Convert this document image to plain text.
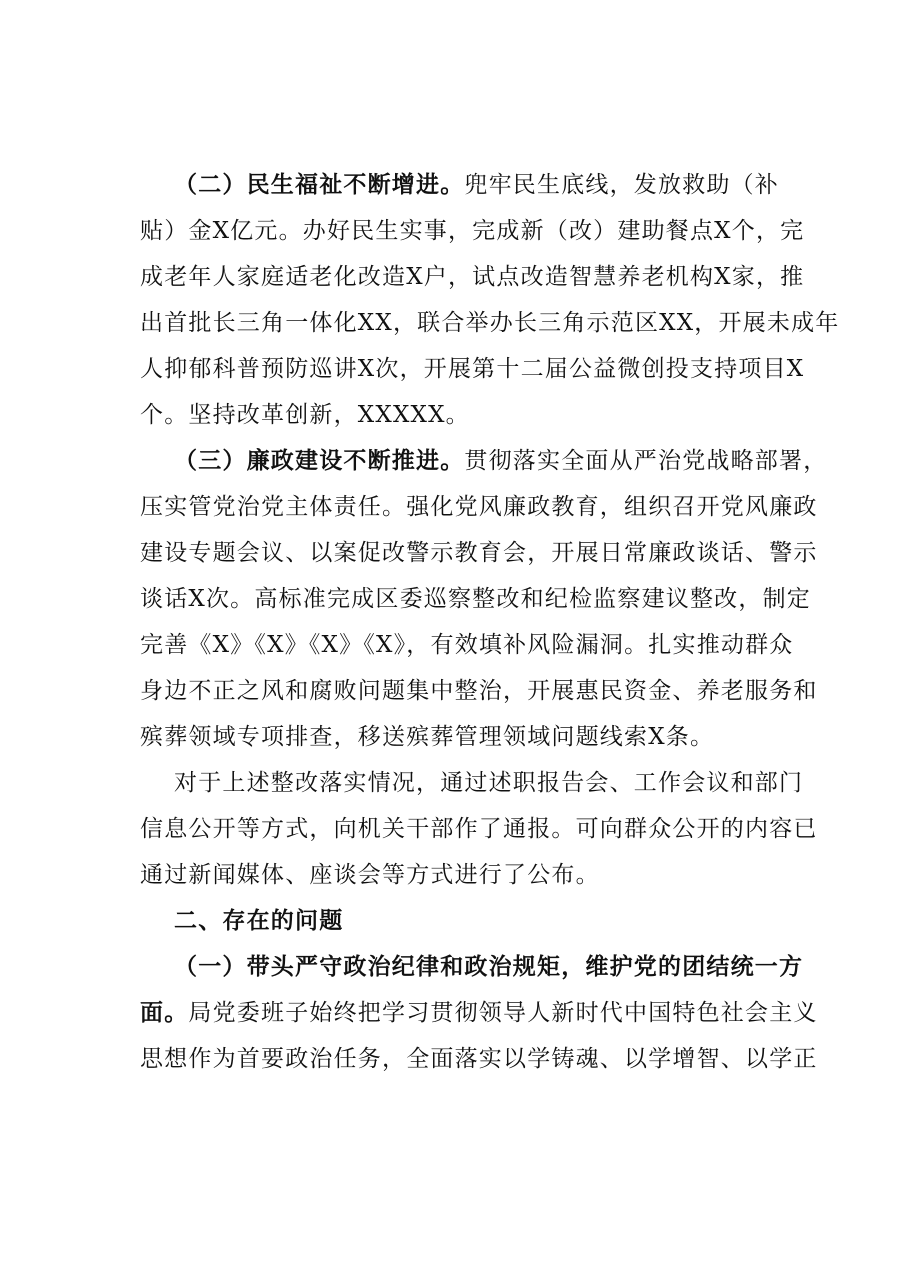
（二）民生福祉不断增进。兜牢民生底线，发放救助（补
贴）金X亿元。办好民生实事，完成新（改）建助餐点X个，完
成老年人家庭适老化改造X户，试点改造智慧养老机构X家，推
出首批长三角一体化XX，联合举办长三角示范区XX，开展未成年
人抑郁科普预防巡讲X次，开展第十二届公益微创投支持项目X
个。坚持改革创新，XXXXX。
（三）廉政建设不断推进。贯彻落实全面从严治党战略部署，
压实管党治党主体责任。强化党风廉政教育，组织召开党风廉政
建设专题会议、以案促改警示教育会，开展日常廉政谈话、警示
谈话X次。高标准完成区委巡察整改和纪检监察建议整改，制定
完善《X》《X》《X》《X》，有效填补风险漏洞。扎实推动群众
身边不正之风和腐败问题集中整治，开展惠民资金、养老服务和
殡葬领域专项排查，移送殡葬管理领域问题线索X条。
对于上述整改落实情况，通过述职报告会、工作会议和部门
信息公开等方式，向机关干部作了通报。可向群众公开的内容已
通过新闻媒体、座谈会等方式进行了公布。
二、存在的问题
（一）带头严守政治纪律和政治规矩，维护党的团结统一方
面。局党委班子始终把学习贯彻领导人新时代中国特色社会主义
思想作为首要政治任务，全面落实以学铸魂、以学增智、以学正
